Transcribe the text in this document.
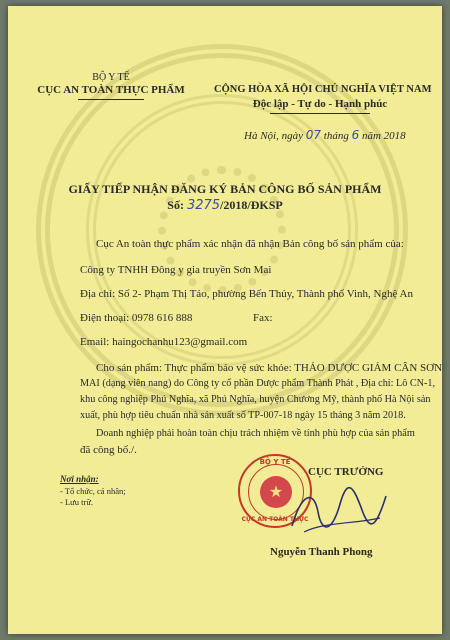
BỘ Y TẾ
CỤC AN TOÀN THỰC PHẨM	CỘNG HÒA XÃ HỘI CHỦ NGHĨA VIỆT NAM
Độc lập - Tự do - Hạnh phúc
Hà Nội, ngày 07 tháng 6 năm 2018
GIẤY TIẾP NHẬN ĐĂNG KÝ BẢN CÔNG BỐ SẢN PHẨM
Số: 3275/2018/ĐKSP
Cục An toàn thực phẩm xác nhận đã nhận Bản công bố sản phẩm của:
Công ty TNHH Đông y gia truyền Sơn Mai
Địa chỉ: Số 2- Phạm Thị Tảo, phường Bến Thủy, Thành phố Vinh, Nghệ An
Điện thoại: 0978 616 888	Fax:
Email: haingochanhu123@gmail.com
Cho sản phẩm: Thực phẩm bảo vệ sức khỏe: THẢO DƯỢC GIẢM CÂN SƠN
MAI (dạng viên nang) do Công ty cổ phần Dược phẩm Thành Phát , Địa chỉ: Lô CN-1,
khu công nghiệp Phú Nghĩa, xã Phú Nghĩa, huyện Chương Mỹ, thành phố Hà Nội sản
xuất, phù hợp tiêu chuẩn nhà sản xuất số TP-007-18 ngày 15 tháng 3 năm 2018.
Doanh nghiệp phải hoàn toàn chịu trách nhiệm về tính phù hợp của sản phẩm
đã công bố./.
CỤC TRƯỞNG
BỘ Y TẾ
★
CỤC AN TOÀN THỰC
Nguyễn Thanh Phong
Nơi nhận:
- Tổ chức, cá nhân;
- Lưu trữ.
